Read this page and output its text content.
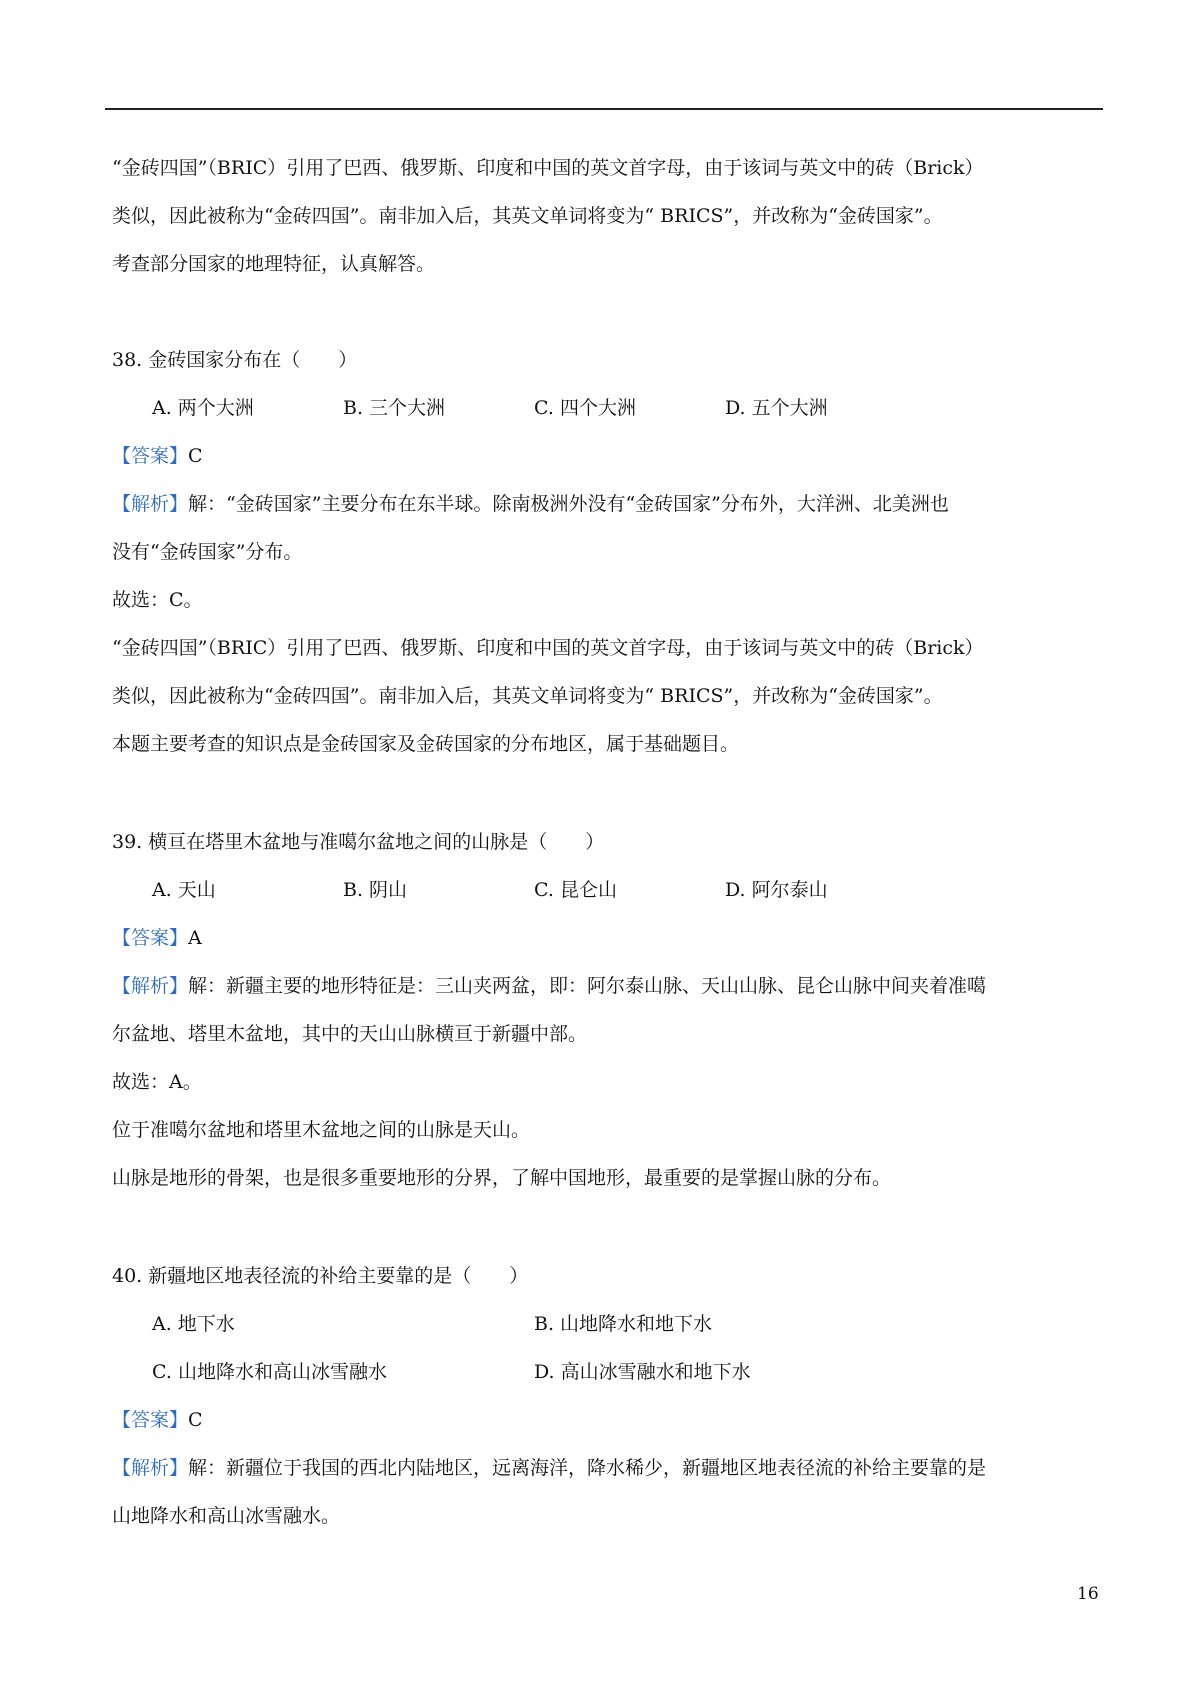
“金砖四国”（BRIC）引用了巴西、俄罗斯、印度和中国的英文首字母，由于该词与英文中的砖（Brick）
类似，因此被称为“金砖四国”。南非加入后，其英文单词将变为“ BRICS”，并改称为“金砖国家”。
考查部分国家的地理特征，认真解答。
38. 金砖国家分布在（　　）
A. 两个大洲	B. 三个大洲	C. 四个大洲	D. 五个大洲
【答案】C
【解析】解：“金砖国家”主要分布在东半球。除南极洲外没有“金砖国家”分布外，大洋洲、北美洲也
没有“金砖国家”分布。
故选：C。
“金砖四国”（BRIC）引用了巴西、俄罗斯、印度和中国的英文首字母，由于该词与英文中的砖（Brick）
类似，因此被称为“金砖四国”。南非加入后，其英文单词将变为“ BRICS”，并改称为“金砖国家”。
本题主要考查的知识点是金砖国家及金砖国家的分布地区，属于基础题目。
39. 横亘在塔里木盆地与准噶尔盆地之间的山脉是（　　）
A. 天山	B. 阴山	C. 昆仑山	D. 阿尔泰山
【答案】A
【解析】解：新疆主要的地形特征是：三山夹两盆，即：阿尔泰山脉、天山山脉、昆仑山脉中间夹着准噶
尔盆地、塔里木盆地，其中的天山山脉横亘于新疆中部。
故选：A。
位于准噶尔盆地和塔里木盆地之间的山脉是天山。
山脉是地形的骨架，也是很多重要地形的分界，了解中国地形，最重要的是掌握山脉的分布。
40. 新疆地区地表径流的补给主要靠的是（　　）
A. 地下水	B. 山地降水和地下水
C. 山地降水和高山冰雪融水	D. 高山冰雪融水和地下水
【答案】C
【解析】解：新疆位于我国的西北内陆地区，远离海洋，降水稀少，新疆地区地表径流的补给主要靠的是
山地降水和高山冰雪融水。
16
